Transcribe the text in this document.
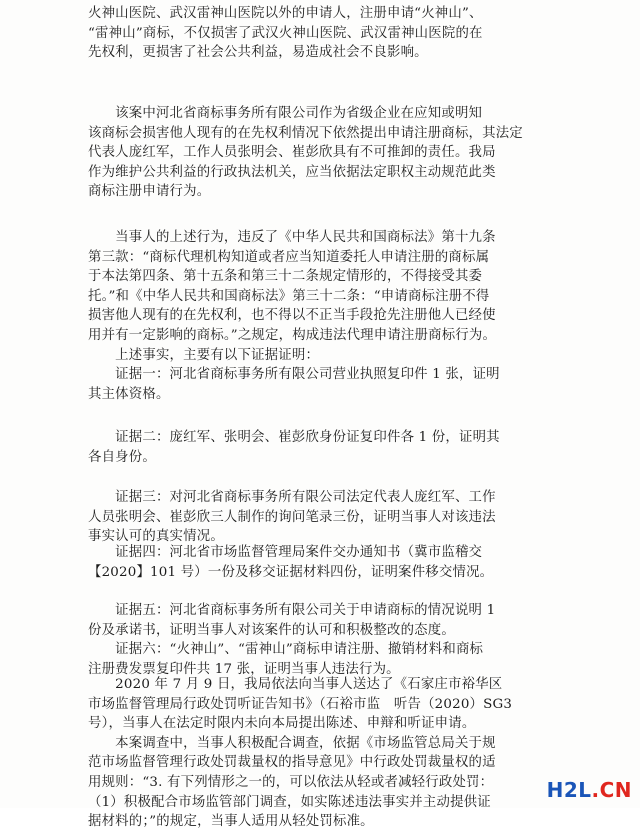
火神山医院、武汉雷神山医院以外的申请人，注册申请“火神山”、
“雷神山”商标，不仅损害了武汉火神山医院、武汉雷神山医院的在
先权利，更损害了社会公共利益，易造成社会不良影响。
　　该案中河北省商标事务所有限公司作为省级企业在应知或明知
该商标会损害他人现有的在先权利情况下依然提出申请注册商标，其法定
代表人庞红军，工作人员张明会、崔彭欣具有不可推卸的责任。我局
作为维护公共利益的行政执法机关，应当依据法定职权主动规范此类
商标注册申请行为。
　　当事人的上述行为，违反了《中华人民共和国商标法》第十九条
第三款：“商标代理机构知道或者应当知道委托人申请注册的商标属
于本法第四条、第十五条和第三十二条规定情形的，不得接受其委
托。”和《中华人民共和国商标法》第三十二条：“申请商标注册不得
损害他人现有的在先权利，也不得以不正当手段抢先注册他人已经使
用并有一定影响的商标。”之规定，构成违法代理申请注册商标行为。
　　上述事实，主要有以下证据证明：
　　证据一：河北省商标事务所有限公司营业执照复印件 1 张，证明
其主体资格。
　　证据二：庞红军、张明会、崔彭欣身份证复印件各 1 份，证明其
各自身份。
　　证据三：对河北省商标事务所有限公司法定代表人庞红军、工作
人员张明会、崔彭欣三人制作的询问笔录三份，证明当事人对该违法
事实认可的真实情况。
　　证据四：河北省市场监督管理局案件交办通知书（冀市监稽交
【2020】101 号）一份及移交证据材料四份，证明案件移交情况。
　　证据五：河北省商标事务所有限公司关于申请商标的情况说明 1
份及承诺书，证明当事人对该案件的认可和积极整改的态度。
　　证据六：“火神山”、“雷神山”商标申请注册、撤销材料和商标
注册费发票复印件共 17 张，证明当事人违法行为。
　　2020 年 7 月 9 日，我局依法向当事人送达了《石家庄市裕华区
市场监督管理局行政处罚听证告知书》（石裕市监　听告（2020）SG3
号），当事人在法定时限内未向本局提出陈述、申辩和听证申请。
　　本案调查中，当事人积极配合调查，依据《市场监管总局关于规
范市场监督管理行政处罚裁量权的指导意见》中行政处罚裁量权的适
用规则：“3. 有下列情形之一的，可以依法从轻或者减轻行政处罚：
（1）积极配合市场监管部门调查，如实陈述违法事实并主动提供证
据材料的；”的规定，当事人适用从轻处罚标准。
H2L.CN
